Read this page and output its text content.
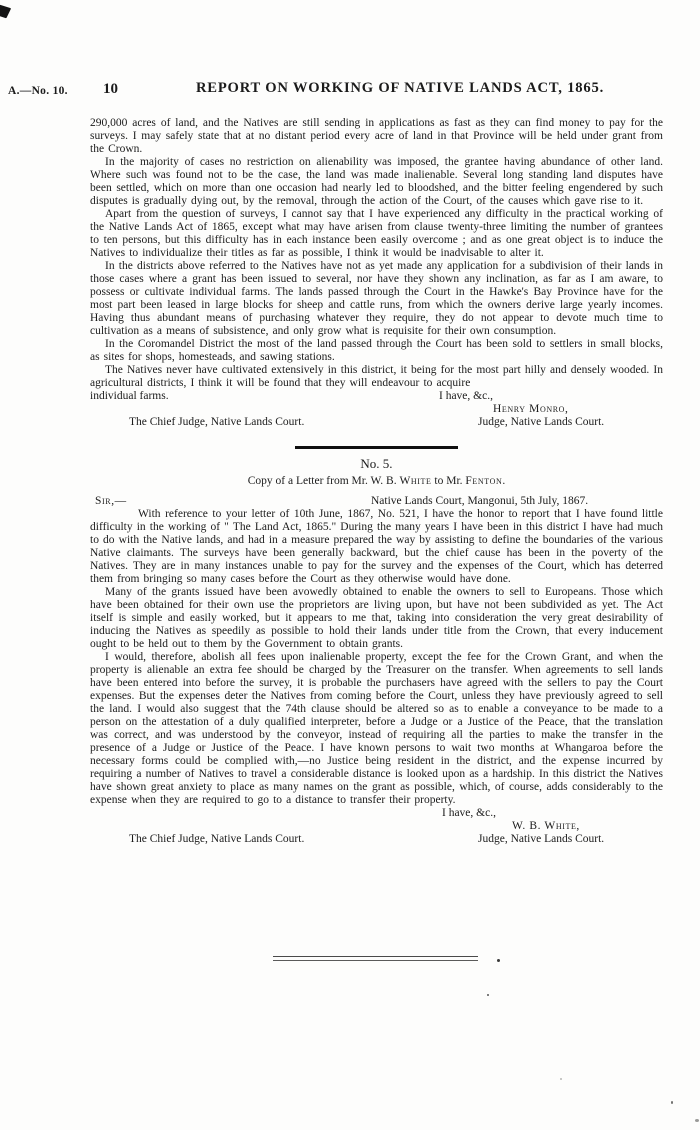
A.—No. 10. 10	REPORT ON WORKING OF NATIVE LANDS ACT, 1865.

290,000 acres of land, and the Natives are still sending in applications as fast as they can find money to pay for the surveys. I may safely state that at no distant period every acre of land in that Province will be held under grant from the Crown.

In the majority of cases no restriction on alienability was imposed, the grantee having abundance of other land. Where such was found not to be the case, the land was made inalienable. Several long standing land disputes have been settled, which on more than one occasion had nearly led to bloodshed, and the bitter feeling engendered by such disputes is gradually dying out, by the removal, through the action of the Court, of the causes which gave rise to it.

Apart from the question of surveys, I cannot say that I have experienced any difficulty in the practical working of the Native Lands Act of 1865, except what may have arisen from clause twenty-three limiting the number of grantees to ten persons, but this difficulty has in each instance been easily overcome ; and as one great object is to induce the Natives to individualize their titles as far as possible, I think it would be inadvisable to alter it.

In the districts above referred to the Natives have not as yet made any application for a subdivision of their lands in those cases where a grant has been issued to several, nor have they shown any inclination, as far as I am aware, to possess or cultivate individual farms. The lands passed through the Court in the Hawke's Bay Province have for the most part been leased in large blocks for sheep and cattle runs, from which the owners derive large yearly incomes. Having thus abundant means of purchasing whatever they require, they do not appear to devote much time to cultivation as a means of subsistence, and only grow what is requisite for their own consumption.

In the Coromandel District the most of the land passed through the Court has been sold to settlers in small blocks, as sites for shops, homesteads, and sawing stations.

The Natives never have cultivated extensively in this district, it being for the most part hilly and densely wooded. In agricultural districts, I think it will be found that they will endeavour to acquire

individual farms.	I have, &c.,
Henry Monro,
The Chief Judge, Native Lands Court.	Judge, Native Lands Court.
No. 5.
Copy of a Letter from Mr. W. B. White to Mr. Fenton.
Sir,—	Native Lands Court, Mangonui, 5th July, 1867.

With reference to your letter of 10th June, 1867, No. 521, I have the honor to report that I have found little difficulty in the working of " The Land Act, 1865." During the many years I have been in this district I have had much to do with the Native lands, and had in a measure prepared the way by assisting to define the boundaries of the various Native claimants. The surveys have been generally backward, but the chief cause has been in the poverty of the Natives. They are in many instances unable to pay for the survey and the expenses of the Court, which has deterred them from bringing so many cases before the Court as they otherwise would have done.

Many of the grants issued have been avowedly obtained to enable the owners to sell to Europeans. Those which have been obtained for their own use the proprietors are living upon, but have not been subdivided as yet. The Act itself is simple and easily worked, but it appears to me that, taking into consideration the very great desirability of inducing the Natives as speedily as possible to hold their lands under title from the Crown, that every inducement ought to be held out to them by the Government to obtain grants.

I would, therefore, abolish all fees upon inalienable property, except the fee for the Crown Grant, and when the property is alienable an extra fee should be charged by the Treasurer on the transfer. When agreements to sell lands have been entered into before the survey, it is probable the purchasers have agreed with the sellers to pay the Court expenses. But the expenses deter the Natives from coming before the Court, unless they have previously agreed to sell the land. I would also suggest that the 74th clause should be altered so as to enable a conveyance to be made to a person on the attestation of a duly qualified interpreter, before a Judge or a Justice of the Peace, that the translation was correct, and was understood by the conveyor, instead of requiring all the parties to make the transfer in the presence of a Judge or Justice of the Peace. I have known persons to wait two months at Whangaroa before the necessary forms could be complied with,—no Justice being resident in the district, and the expense incurred by requiring a number of Natives to travel a considerable distance is looked upon as a hardship. In this district the Natives have shown great anxiety to place as many names on the grant as possible, which, of course, adds considerably to the expense when they are required to go to a distance to transfer their property.

I have, &c.,
W. B. White,
The Chief Judge, Native Lands Court.	Judge, Native Lands Court.
